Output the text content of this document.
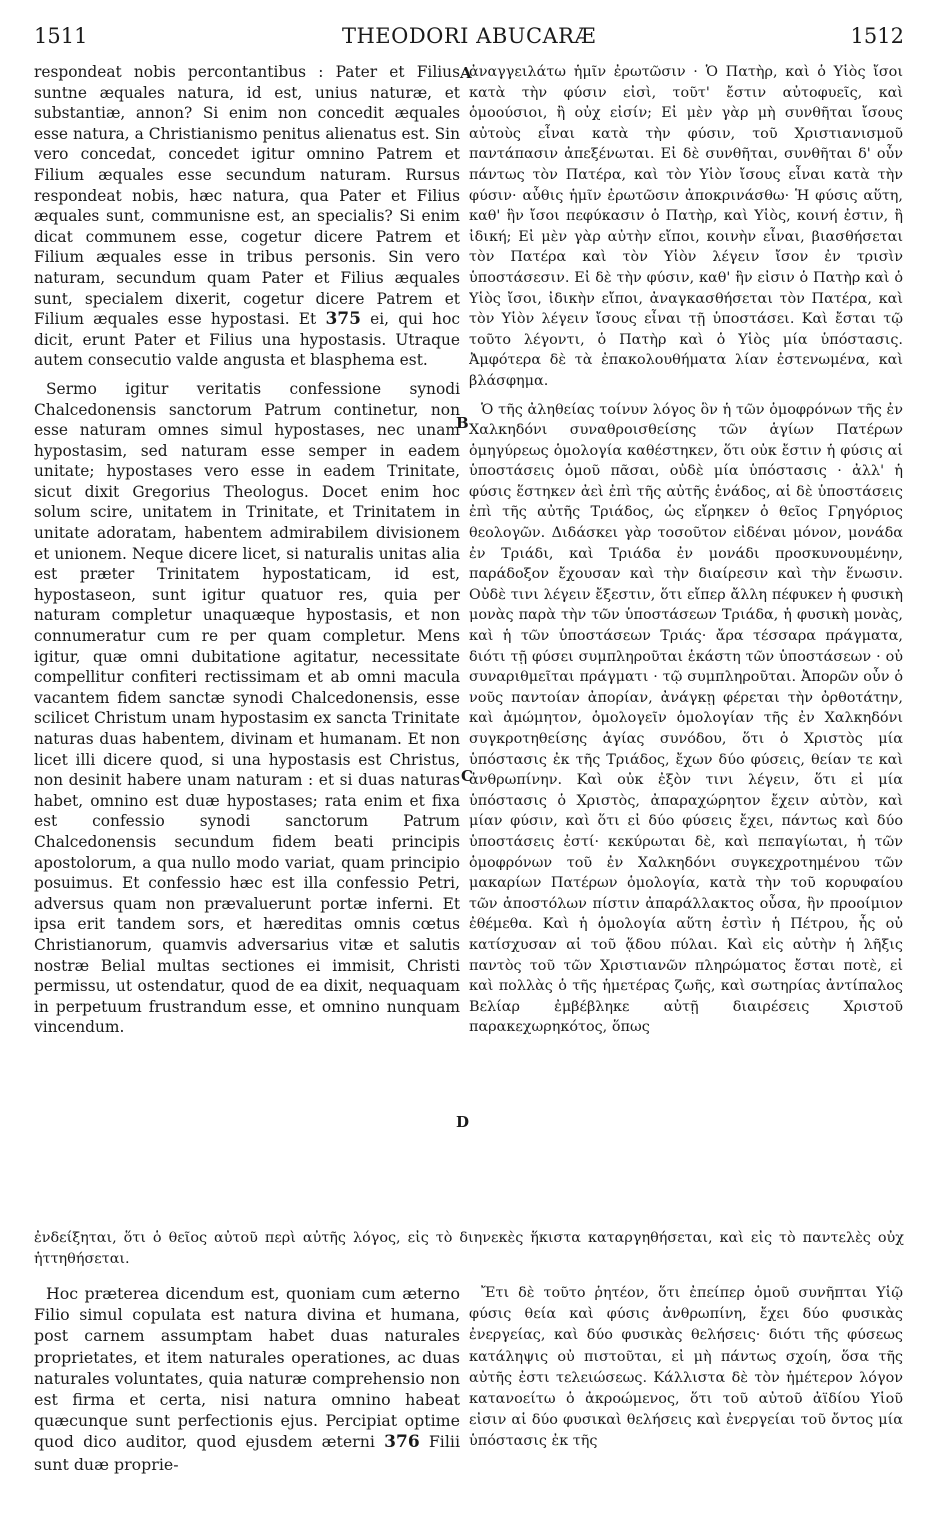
1511	THEODORI ABUCARÆ	1512
A
B
C
D

respondeat nobis percontantibus : Pater et Filius suntne æquales natura, id est, unius naturæ, et substantiæ, annon? Si enim non concedit æquales esse natura, a Christianismo penitus alienatus est. Sin vero concedat, concedet igitur omnino Patrem et Filium æquales esse secundum naturam. Rursus respondeat nobis, hæc natura, qua Pater et Filius æquales sunt, communisne est, an specialis? Si enim dicat communem esse, cogetur dicere Patrem et Filium æquales esse in tribus personis. Sin vero naturam, secundum quam Pater et Filius æquales sunt, specialem dixerit, cogetur dicere Patrem et Filium æquales esse hypostasi. Et 375 ei, qui hoc dicit, erunt Pater et Filius una hypostasis. Utraque autem consecutio valde angusta et blasphema est.

Sermo igitur veritatis confessione synodi Chalcedonensis sanctorum Patrum continetur, non esse naturam omnes simul hypostases, nec unam hypostasim, sed naturam esse semper in eadem unitate; hypostases vero esse in eadem Trinitate, sicut dixit Gregorius Theologus. Docet enim hoc solum scire, unitatem in Trinitate, et Trinitatem in unitate adoratam, habentem admirabilem divisionem et unionem. Neque dicere licet, si naturalis unitas alia est præter Trinitatem hypostaticam, id est, hypostaseon, sunt igitur quatuor res, quia per naturam completur unaquæque hypostasis, et non connumeratur cum re per quam completur. Mens igitur, quæ omni dubitatione agitatur, necessitate compellitur confiteri rectissimam et ab omni macula vacantem fidem sanctæ synodi Chalcedonensis, esse scilicet Christum unam hypostasim ex sancta Trinitate naturas duas habentem, divinam et humanam. Et non licet illi dicere quod, si una hypostasis est Christus, non desinit habere unam naturam : et si duas naturas habet, omnino est duæ hypostases; rata enim et fixa est confessio synodi sanctorum Patrum Chalcedonensis secundum fidem beati principis apostolorum, a qua nullo modo variat, quam principio posuimus. Et confessio hæc est illa confessio Petri, adversus quam non prævaluerunt portæ inferni. Et ipsa erit tandem sors, et hæreditas omnis cœtus Christianorum, quamvis adversarius vitæ et salutis nostræ Belial multas sectiones ei immisit, Christi permissu, ut ostendatur, quod de ea dixit, nequaquam in perpetuum frustrandum esse, et omnino nunquam vincendum.

ἀναγγειλάτω ἡμῖν ἐρωτῶσιν · Ὁ Πατὴρ, καὶ ὁ Υἱὸς ἴσοι κατὰ τὴν φύσιν εἰσὶ, τοῦτ' ἔστιν αὐτοφυεῖς, καὶ ὁμοούσιοι, ἢ οὐχ εἰσίν; Εἰ μὲν γὰρ μὴ συνθῆται ἴσους αὐτοὺς εἶναι κατὰ τὴν φύσιν, τοῦ Χριστιανισμοῦ παντάπασιν ἀπεξένωται. Εἰ δὲ συνθῆται, συνθῆται δ' οὖν πάντως τὸν Πατέρα, καὶ τὸν Υἱὸν ἴσους εἶναι κατὰ τὴν φύσιν· αὖθις ἡμῖν ἐρωτῶσιν ἀποκρινάσθω· Ἡ φύσις αὕτη, καθ' ἣν ἴσοι πεφύκασιν ὁ Πατὴρ, καὶ Υἱὸς, κοινή ἐστιν, ἢ ἰδική; Εἰ μὲν γὰρ αὐτὴν εἴποι, κοινὴν εἶναι, βιασθήσεται τὸν Πατέρα καὶ τὸν Υἱὸν λέγειν ἴσον ἐν τρισὶν ὑποστάσεσιν. Εἰ δὲ τὴν φύσιν, καθ' ἣν εἰσιν ὁ Πατὴρ καὶ ὁ Υἱὸς ἴσοι, ἰδικὴν εἴποι, ἀναγκασθήσεται τὸν Πατέρα, καὶ τὸν Υἱὸν λέγειν ἴσους εἶναι τῇ ὑποστάσει. Καὶ ἔσται τῷ τοῦτο λέγοντι, ὁ Πατὴρ καὶ ὁ Υἱὸς μία ὑπόστασις. Ἀμφότερα δὲ τὰ ἐπακολουθήματα λίαν ἐστενωμένα, καὶ βλάσφημα.

Ὁ τῆς ἀληθείας τοίνυν λόγος ὃν ἡ τῶν ὁμοφρόνων τῆς ἐν Χαλκηδόνι συναθροισθείσης τῶν ἁγίων Πατέρων ὁμηγύρεως ὁμολογία καθέστηκεν, ὅτι οὐκ ἔστιν ἡ φύσις αἱ ὑποστάσεις ὁμοῦ πᾶσαι, οὐδὲ μία ὑπόστασις · ἀλλ' ἡ φύσις ἕστηκεν ἀεὶ ἐπὶ τῆς αὐτῆς ἑνάδος, αἱ δὲ ὑποστάσεις ἐπὶ τῆς αὐτῆς Τριάδος, ὡς εἴρηκεν ὁ θεῖος Γρηγόριος θεολογῶν. Διδάσκει γὰρ τοσοῦτον εἰδέναι μόνον, μονάδα ἐν Τριάδι, καὶ Τριάδα ἐν μονάδι προσκυνουμένην, παράδοξον ἔχουσαν καὶ τὴν διαίρεσιν καὶ τὴν ἕνωσιν. Οὐδὲ τινι λέγειν ἔξεστιν, ὅτι εἴπερ ἄλλη πέφυκεν ἡ φυσικὴ μονὰς παρὰ τὴν τῶν ὑποστάσεων Τριάδα, ἡ φυσικὴ μονὰς, καὶ ἡ τῶν ὑποστάσεων Τριάς· ἄρα τέσσαρα πράγματα, διότι τῇ φύσει συμπληροῦται ἑκάστη τῶν ὑποστάσεων · οὐ συναριθμεῖται πράγματι · τῷ συμπληροῦται. Ἀπορῶν οὖν ὁ νοῦς παντοίαν ἀπορίαν, ἀνάγκῃ φέρεται τὴν ὀρθοτάτην, καὶ ἀμώμητον, ὁμολογεῖν ὁμολογίαν τῆς ἐν Χαλκηδόνι συγκροτηθείσης ἁγίας συνόδου, ὅτι ὁ Χριστὸς μία ὑπόστασις ἐκ τῆς Τριάδος, ἔχων δύο φύσεις, θείαν τε καὶ ἀνθρωπίνην. Καὶ οὐκ ἐξὸν τινι λέγειν, ὅτι εἰ μία ὑπόστασις ὁ Χριστὸς, ἀπαραχώρητον ἔχειν αὐτὸν, καὶ μίαν φύσιν, καὶ ὅτι εἰ δύο φύσεις ἔχει, πάντως καὶ δύο ὑποστάσεις ἐστί· κεκύρωται δὲ, καὶ πεπαγίωται, ἡ τῶν ὁμοφρόνων τοῦ ἐν Χαλκηδόνι συγκεχροτημένου τῶν μακαρίων Πατέρων ὁμολογία, κατὰ τὴν τοῦ κορυφαίου τῶν ἀποστόλων πίστιν ἀπαράλλακτος οὖσα, ἣν προοίμιον ἐθέμεθα. Καὶ ἡ ὁμολογία αὕτη ἐστὶν ἡ Πέτρου, ἧς οὐ κατίσχυσαν αἱ τοῦ ᾅδου πύλαι. Καὶ εἰς αὐτὴν ἡ λῆξις παντὸς τοῦ τῶν Χριστιανῶν πληρώματος ἔσται ποτὲ, εἰ καὶ πολλὰς ὁ τῆς ἡμετέρας ζωῆς, καὶ σωτηρίας ἀντίπαλος Βελίαρ ἐμβέβληκε αὐτῇ διαιρέσεις Χριστοῦ παρακεχωρηκότος, ὅπως

ἐνδείξηται, ὅτι ὁ θεῖος αὐτοῦ περὶ αὐτῆς λόγος, εἰς τὸ διηνεκὲς ἥκιστα καταργηθήσεται, καὶ εἰς τὸ παντελὲς οὐχ ἡττηθήσεται.
Hoc præterea dicendum est, quoniam cum æterno Filio simul copulata est natura divina et humana, post carnem assumptam habet duas naturales proprietates, et item naturales operationes, ac duas naturales voluntates, quia naturæ comprehensio non est firma et certa, nisi natura omnino habeat quæcunque sunt perfectionis ejus. Percipiat optime quod dico auditor, quod ejusdem æterni 376 Filii sunt duæ proprie-
Ἔτι δὲ τοῦτο ῥητέον, ὅτι ἐπείπερ ὁμοῦ συνῆπται Υἱῷ φύσις θεία καὶ φύσις ἀνθρωπίνη, ἔχει δύο φυσικὰς ἐνεργείας, καὶ δύο φυσικὰς θελήσεις· διότι τῆς φύσεως κατάληψις οὐ πιστοῦται, εἰ μὴ πάντως σχοίη, ὅσα τῆς αὐτῆς ἐστι τελειώσεως. Κάλλιστα δὲ τὸν ἡμέτερον λόγον κατανοείτω ὁ ἀκροώμενος, ὅτι τοῦ αὐτοῦ ἀϊδίου Υἱοῦ εἰσιν αἱ δύο φυσικαὶ θελήσεις καὶ ἐνεργείαι τοῦ ὄντος μία ὑπόστασις ἐκ τῆς
